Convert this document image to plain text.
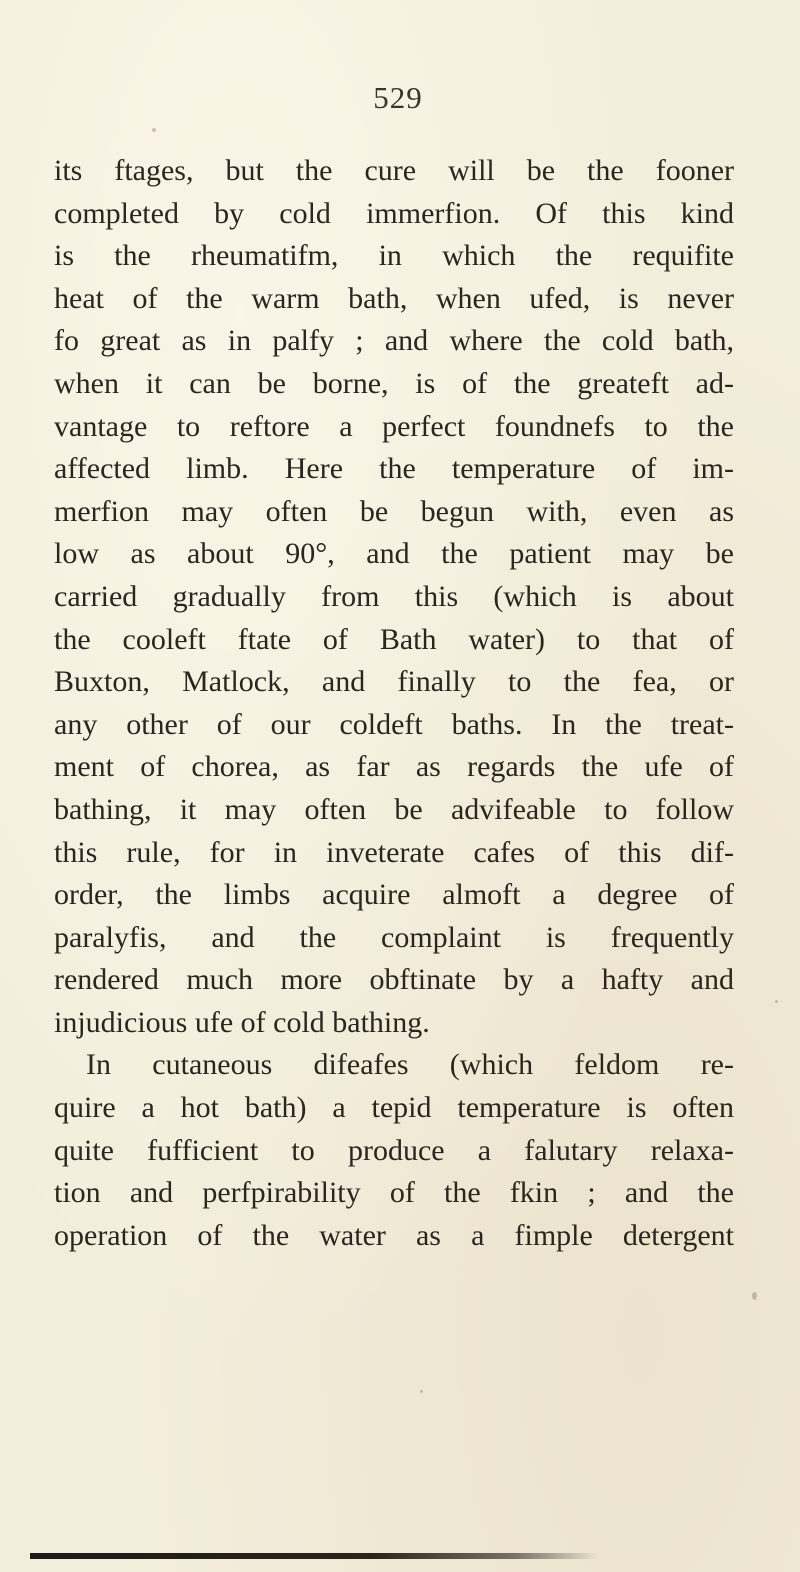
529
its ftages, but the cure will be the fooner
completed by cold immerfion. Of this kind
is the rheumatifm, in which the requifite
heat of the warm bath, when ufed, is never
fo great as in palfy ; and where the cold bath,
when it can be borne, is of the greateft ad-
vantage to reftore a perfect foundnefs to the
affected limb. Here the temperature of im-
merfion may often be begun with, even as
low as about 90°, and the patient may be
carried gradually from this (which is about
the cooleft ftate of Bath water) to that of
Buxton, Matlock, and finally to the fea, or
any other of our coldeft baths. In the treat-
ment of chorea, as far as regards the ufe of
bathing, it may often be advifeable to follow
this rule, for in inveterate cafes of this dif-
order, the limbs acquire almoft a degree of
paralyfis, and the complaint is frequently
rendered much more obftinate by a hafty and
injudicious ufe of cold bathing.
In cutaneous difeafes (which feldom re-
quire a hot bath) a tepid temperature is often
quite fufficient to produce a falutary relaxa-
tion and perfpirability of the fkin ; and the
operation of the water as a fimple detergent
